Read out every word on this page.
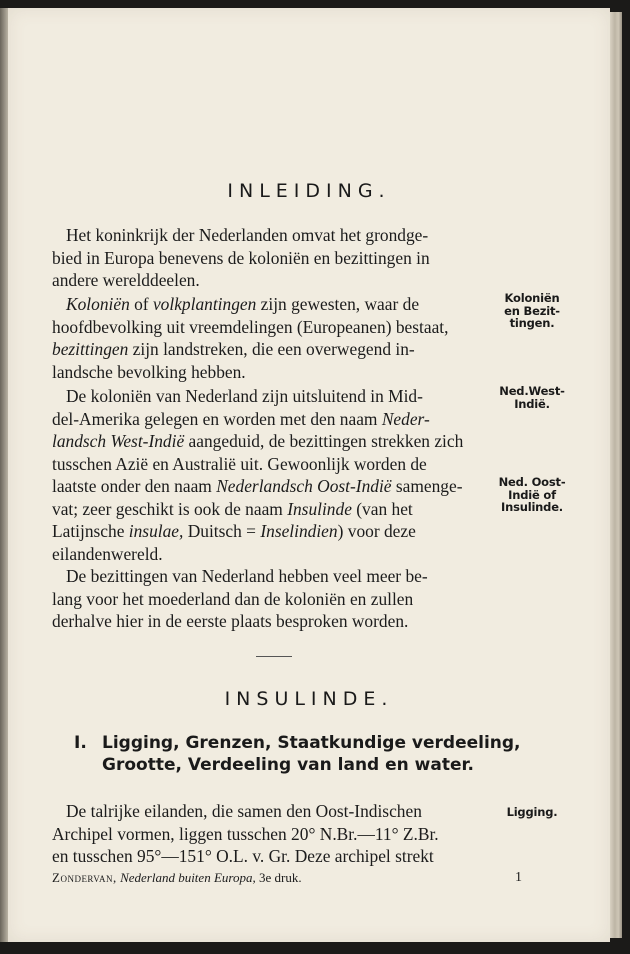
INLEIDING.
Het koninkrijk der Nederlanden omvat het grondge-
bied in Europa benevens de koloniën en bezittingen in
andere werelddeelen.
Koloniën of volkplantingen zijn gewesten, waar de
hoofdbevolking uit vreemdelingen (Europeanen) bestaat,
bezittingen zijn landstreken, die een overwegend in-
landsche bevolking hebben.
De koloniën van Nederland zijn uitsluitend in Mid-
del-Amerika gelegen en worden met den naam Neder-
landsch West-Indië aangeduid, de bezittingen strekken zich
tusschen Azië en Australië uit. Gewoonlijk worden de
laatste onder den naam Nederlandsch Oost-Indië samenge-
vat; zeer geschikt is ook de naam Insulinde (van het
Latijnsche insulae, Duitsch = Inselindien) voor deze
eilandenwereld.
De bezittingen van Nederland hebben veel meer be-
lang voor het moederland dan de koloniën en zullen
derhalve hier in de eerste plaats besproken worden.
Koloniën
en Bezit-
tingen.
Ned.West-
Indië.
Ned. Oost-
Indië of
Insulinde.
INSULINDE.
I. Ligging, Grenzen, Staatkundige verdeeling,
Grootte, Verdeeling van land en water.
De talrijke eilanden, die samen den Oost-Indischen
Archipel vormen, liggen tusschen 20° N.Br.—11° Z.Br.
en tusschen 95°—151° O.L. v. Gr. Deze archipel strekt
Ligging.
Zondervan, Nederland buiten Europa, 3e druk.	1
